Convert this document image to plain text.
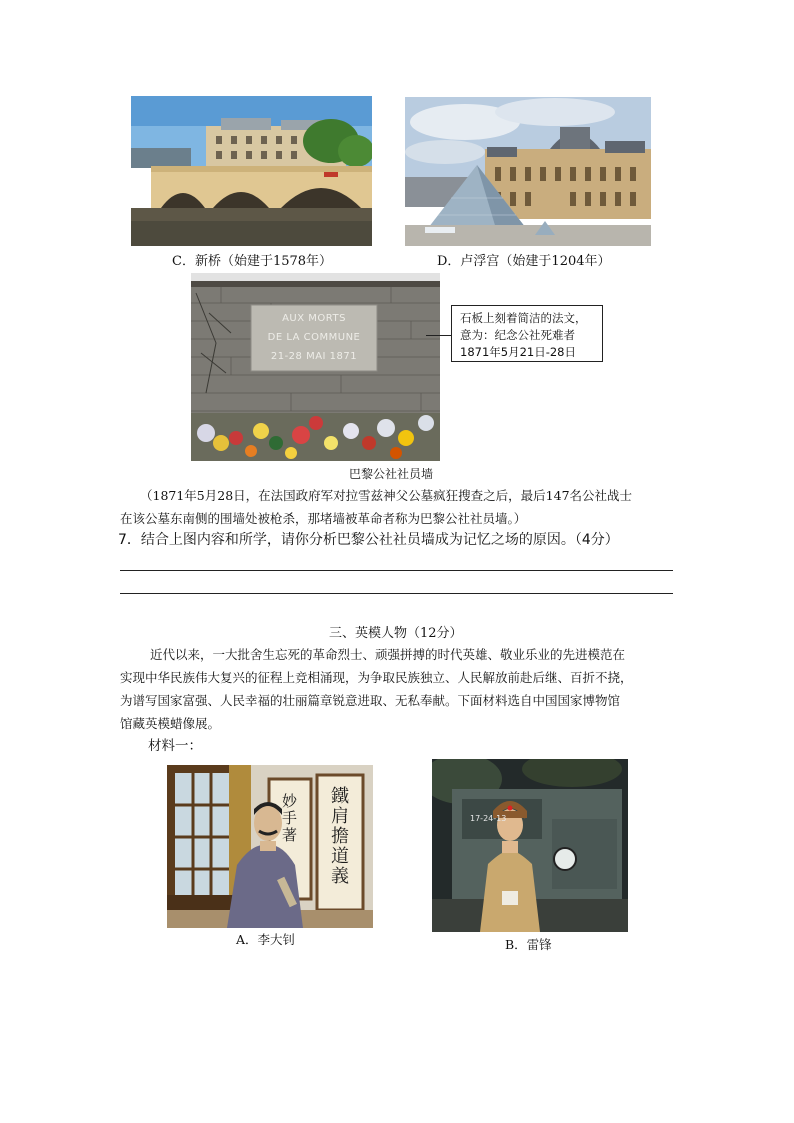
C．新桥（始建于1578年）	D．卢浮宫（始建于1204年）
AUX MORTS
DE LA COMMUNE
21-28 MAI 1871
石板上刻着简洁的法文，
意为：纪念公社死难者
1871年5月21日-28日
巴黎公社社员墙
（1871年5月28日，在法国政府军对拉雪兹神父公墓疯狂搜查之后，最后147名公社战士
在该公墓东南侧的围墙处被枪杀，那堵墙被革命者称为巴黎公社社员墙。）
7．结合上图内容和所学，请你分析巴黎公社社员墙成为记忆之场的原因。（4分）
三、英模人物（12分）
近代以来，一大批舍生忘死的革命烈士、顽强拼搏的时代英雄、敬业乐业的先进模范在
实现中华民族伟大复兴的征程上竞相涌现，为争取民族独立、人民解放前赴后继、百折不挠，
为谱写国家富强、人民幸福的壮丽篇章锐意进取、无私奉献。下面材料选自中国国家博物馆
馆藏英模蜡像展。
材料一：
妙手著
鐵肩擔道義
A．李大钊
17-24-13
B．雷锋
